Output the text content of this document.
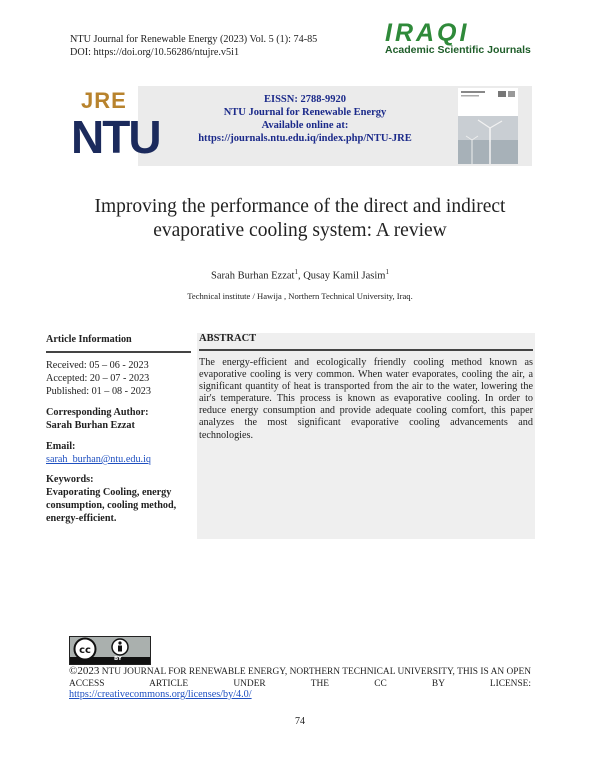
NTU Journal for Renewable Energy (2023) Vol. 5 (1): 74-85
DOI: https://doi.org/10.56286/ntujre.v5i1
IRAQI
Academic Scientific Journals
JRE
NTU
EISSN: 2788-9920
NTU Journal for Renewable Energy
Available online at:
https://journals.ntu.edu.iq/index.php/NTU-JRE
Improving the performance of the direct and indirect
evaporative cooling system: A review
Sarah Burhan Ezzat$^1$, Qusay Kamil Jasim$^1$
Technical institute / Hawija , Northern Technical University, Iraq.
Article Information
Received: 05 – 06 - 2023
Accepted: 20 – 07 - 2023
Published: 01 – 08 - 2023
Corresponding Author:
Sarah Burhan Ezzat
Email:
sarah_burhan@ntu.edu.iq
Keywords:
Evaporating Cooling, energy consumption, cooling method, energy-efficient.
ABSTRACT
The energy-efficient and ecologically friendly cooling method known as evaporative cooling is very common. When water evaporates, cooling the air, a significant quantity of heat is transported from the air to the water, lowering the air's temperature. This process is known as evaporative cooling. In order to reduce energy consumption and provide adequate cooling comfort, this paper analyzes the most significant evaporative cooling advancements and technologies.
cc
BY
©2023 NTU JOURNAL FOR RENEWABLE ENERGY, NORTHERN TECHNICAL UNIVERSITY, THIS IS AN OPEN ACCESS ARTICLE UNDER THE CC BY LICENSE:
https://creativecommons.org/licenses/by/4.0/
74
